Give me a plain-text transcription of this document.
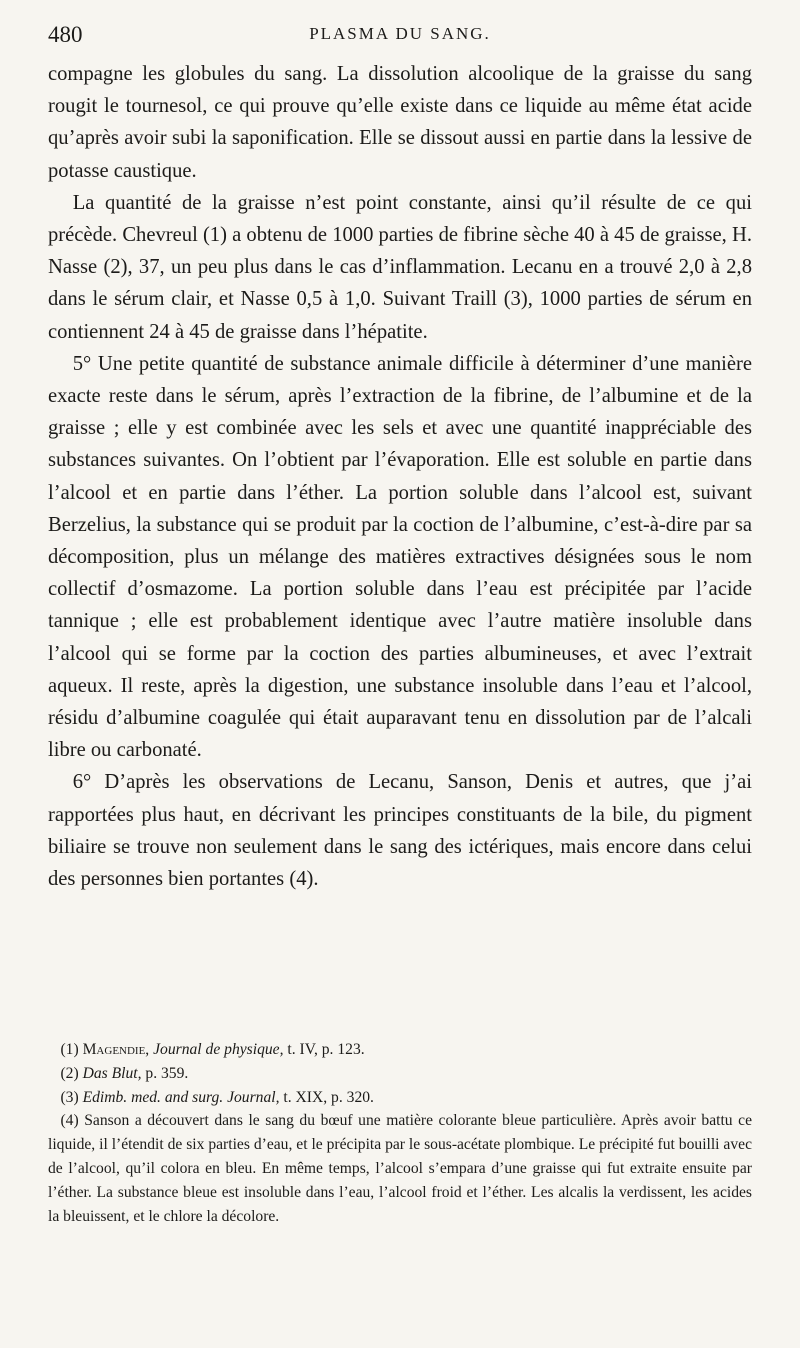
480	PLASMA DU SANG.

compagne les globules du sang. La dissolution alcoolique de la graisse du sang rougit le tournesol, ce qui prouve qu’elle existe dans ce liquide au même état acide qu’après avoir subi la saponification. Elle se dissout aussi en partie dans la lessive de potasse caustique.

La quantité de la graisse n’est point constante, ainsi qu’il résulte de ce qui précède. Chevreul (1) a obtenu de 1000 parties de fibrine sèche 40 à 45 de graisse, H. Nasse (2), 37, un peu plus dans le cas d’inflammation. Lecanu en a trouvé 2,0 à 2,8 dans le sérum clair, et Nasse 0,5 à 1,0. Suivant Traill (3), 1000 parties de sérum en contiennent 24 à 45 de graisse dans l’hépatite.

5° Une petite quantité de substance animale difficile à déterminer d’une manière exacte reste dans le sérum, après l’extraction de la fibrine, de l’albumine et de la graisse ; elle y est combinée avec les sels et avec une quantité inappréciable des substances suivantes. On l’obtient par l’évaporation. Elle est soluble en partie dans l’alcool et en partie dans l’éther. La portion soluble dans l’alcool est, suivant Berzelius, la substance qui se produit par la coction de l’albumine, c’est-à-dire par sa décomposition, plus un mélange des matières extractives désignées sous le nom collectif d’osmazome. La portion soluble dans l’eau est précipitée par l’acide tannique ; elle est probablement identique avec l’autre matière insoluble dans l’alcool qui se forme par la coction des parties albumineuses, et avec l’extrait aqueux. Il reste, après la digestion, une substance insoluble dans l’eau et l’alcool, résidu d’albumine coagulée qui était auparavant tenu en dissolution par de l’alcali libre ou carbonaté.

6° D’après les observations de Lecanu, Sanson, Denis et autres, que j’ai rapportées plus haut, en décrivant les principes constituants de la bile, du pigment biliaire se trouve non seulement dans le sang des ictériques, mais encore dans celui des personnes bien portantes (4).

(1) Magendie, Journal de physique, t. IV, p. 123.

(2) Das Blut, p. 359.

(3) Edimb. med. and surg. Journal, t. XIX, p. 320.

(4) Sanson a découvert dans le sang du bœuf une matière colorante bleue particulière. Après avoir battu ce liquide, il l’étendit de six parties d’eau, et le précipita par le sous-acétate plombique. Le précipité fut bouilli avec de l’alcool, qu’il colora en bleu. En même temps, l’alcool s’empara d’une graisse qui fut extraite ensuite par l’éther. La substance bleue est insoluble dans l’eau, l’alcool froid et l’éther. Les alcalis la verdissent, les acides la bleuissent, et le chlore la décolore.
